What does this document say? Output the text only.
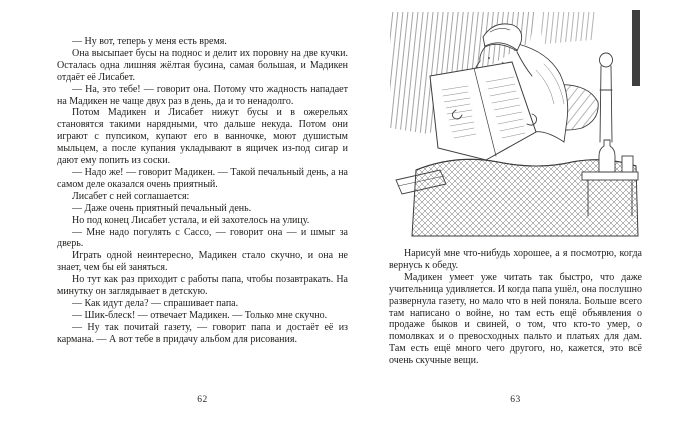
— Ну вот, теперь у меня есть время.

Она высыпает бусы на поднос и делит их поровну на две кучки. Осталась одна лишняя жёлтая бусина, самая большая, и Мадикен отдаёт её Лисабет.

— На, это тебе! — говорит она. Потому что жадность нападает на Мадикен не чаще двух раз в день, да и то ненадолго.

Потом Мадикен и Лисабет нижут бусы и в ожерельях становятся такими нарядными, что дальше некуда. Потом они играют с пупсиком, купают его в ванночке, моют душистым мыльцем, а после купания укладывают в ящичек из-под сигар и дают ему попить из соски.

— Надо же! — говорит Мадикен. — Такой печальный день, а на самом деле оказался очень приятный.

Лисабет с ней соглашается:

— Даже очень приятный печальный день.

Но под конец Лисабет устала, и ей захотелось на улицу.

— Мне надо погулять с Сассо, — говорит она — и шмыг за дверь.

Играть одной неинтересно, Мадикен стало скучно, и она не знает, чем бы ей заняться.

Но тут как раз приходит с работы папа, чтобы позавтракать. На минутку он заглядывает в детскую.

— Как идут дела? — спрашивает папа.

— Шик-блеск! — отвечает Мадикен. — Только мне скучно.

— Ну так почитай газету, — говорит папа и достаёт её из кармана. — А вот тебе в придачу альбом для рисования.

62

Нарисуй мне что-нибудь хорошее, а я посмотрю, когда вернусь к обеду.

Мадикен умеет уже читать так быстро, что даже учительница удивляется. И когда папа ушёл, она послушно развернула газету, но мало что в ней поняла. Больше всего там написано о войне, но там есть ещё объявления о продаже быков и свиней, о том, что кто-то умер, о помолвках и о превосходных пальто и платьях для дам. Там есть ещё много чего другого, но, кажется, это всё очень скучные вещи.

63
